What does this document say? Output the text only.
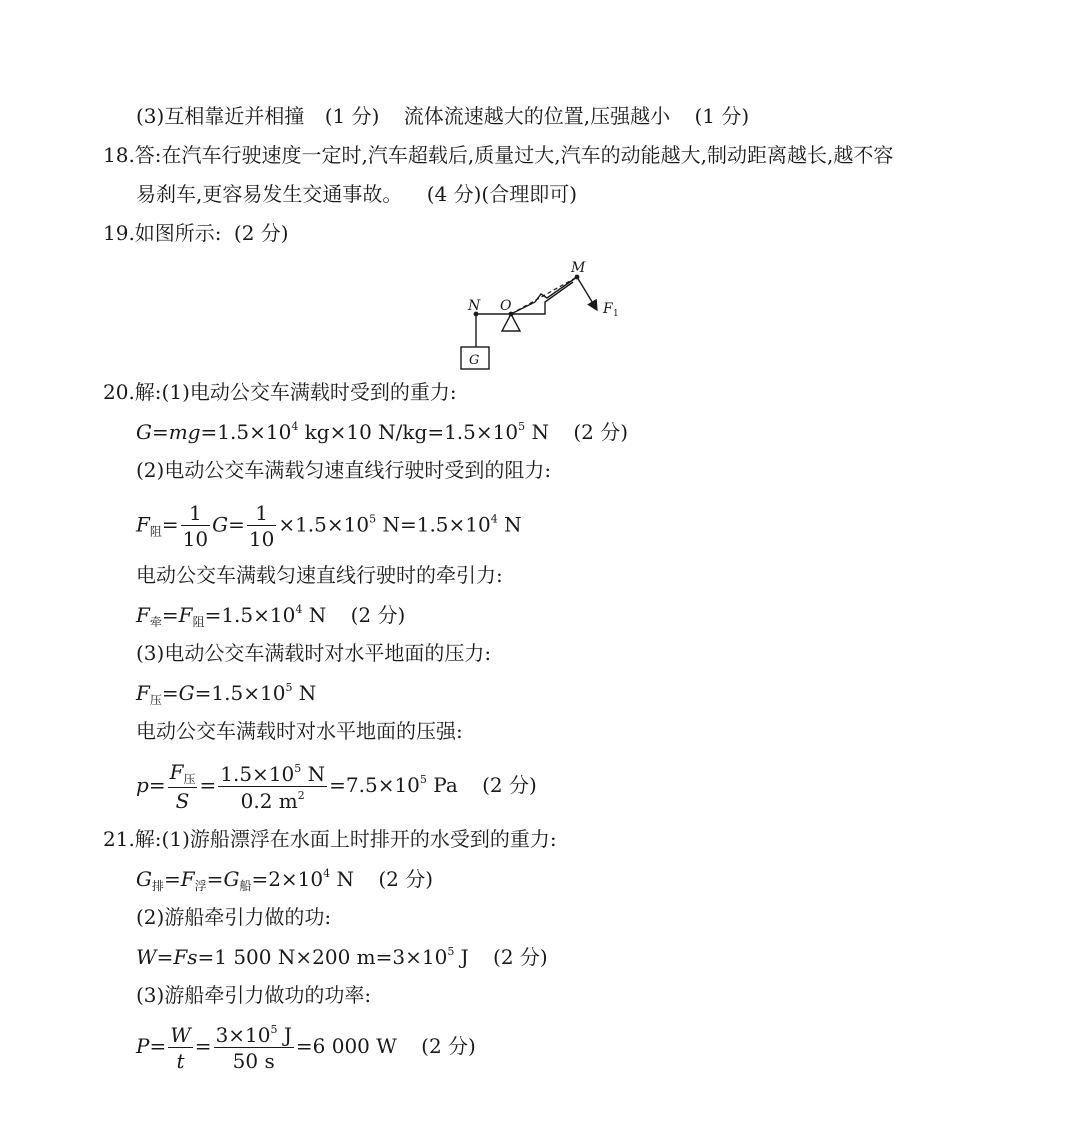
(3)互相靠近并相撞 (1 分) 流体流速越大的位置,压强越小 (1 分)
18.答:在汽车行驶速度一定时,汽车超载后,质量过大,汽车的动能越大,制动距离越长,越不容
易刹车,更容易发生交通事故。 (4 分)(合理即可)
19.如图所示: (2 分)
N O
M
F 1
G
20.解:(1)电动公交车满载时受到的重力:
$G=mg=1.5\times 10^4$ kg×10 $N/kg=1.5\times 10^5$ N (2 分)
(2)电动公交车满载匀速直线行驶时受到的阻力:
$F_阻= \frac{1}{10} G= \frac{1}{10} \times 1.5\times 10^5$ $N=1.5\times 10^4$ N
电动公交车满载匀速直线行驶时的牵引力:
$F_牵=F_阻=1.5\times 10^4$ N (2 分)
(3)电动公交车满载时对水平地面的压力:
$F_压=G=1.5\times 10^5$ N
电动公交车满载时对水平地面的压强:
$p= \frac{F_压}{S} = \frac{1.5\times 10^5 N}{0.2 m^2} =7.5\times 10^5$ Pa (2 分)
21.解:(1)游船漂浮在水面上时排开的水受到的重力:
$G_排=F_浮=G_船=2\times 10^4$ N (2 分)
(2)游船牵引力做的功:
W=Fs=1 500 N×200 $m=3\times 10^5$ J (2 分)
(3)游船牵引力做功的功率:
$P= \frac{W}{t} = \frac{3\times 10^5 J}{50 s} =6$ 000 W (2 分)
